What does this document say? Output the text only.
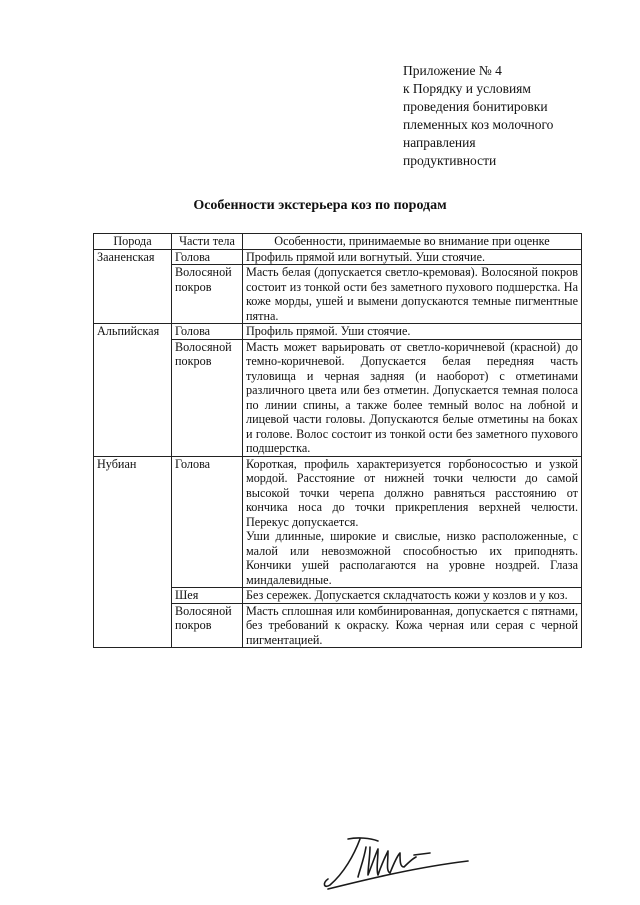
Приложение № 4
к Порядку и условиям
проведения бонитировки
племенных коз молочного
направления
продуктивности
Особенности экстерьера коз по породам
Порода	Части тела	Особенности, принимаемые во внимание при оценке
Зааненская	Голова	Профиль прямой или вогнутый. Уши стоячие.
	Волосяной покров	Масть белая (допускается светло-кремовая). Волосяной покров состоит из тонкой ости без заметного пухового подшерстка. На коже морды, ушей и вымени допускаются темные пигментные пятна.
Альпийская	Голова	Профиль прямой. Уши стоячие.
	Волосяной покров	Масть может варьировать от светло-коричневой (красной) до темно-коричневой. Допускается белая передняя часть туловища и черная задняя (и наоборот) с отметинами различного цвета или без отметин. Допускается темная полоса по линии спины, а также более темный волос на лобной и лицевой части головы. Допускаются белые отметины на боках и голове. Волос состоит из тонкой ости без заметного пухового подшерстка.
Нубиан	Голова	Короткая, профиль характеризуется горбоносостью и узкой мордой. Расстояние от нижней точки челюсти до самой высокой точки черепа должно равняться расстоянию от кончика носа до точки прикрепления верхней челюсти. Перекус допускается.
Уши длинные, широкие и свислые, низко расположенные, с малой или невозможной способностью их приподнять. Кончики ушей располагаются на уровне ноздрей. Глаза миндалевидные.
	Шея	Без сережек. Допускается складчатость кожи у козлов и у коз.
	Волосяной покров	Масть сплошная или комбинированная, допускается с пятнами, без требований к окраску. Кожа черная или серая с черной пигментацией.
